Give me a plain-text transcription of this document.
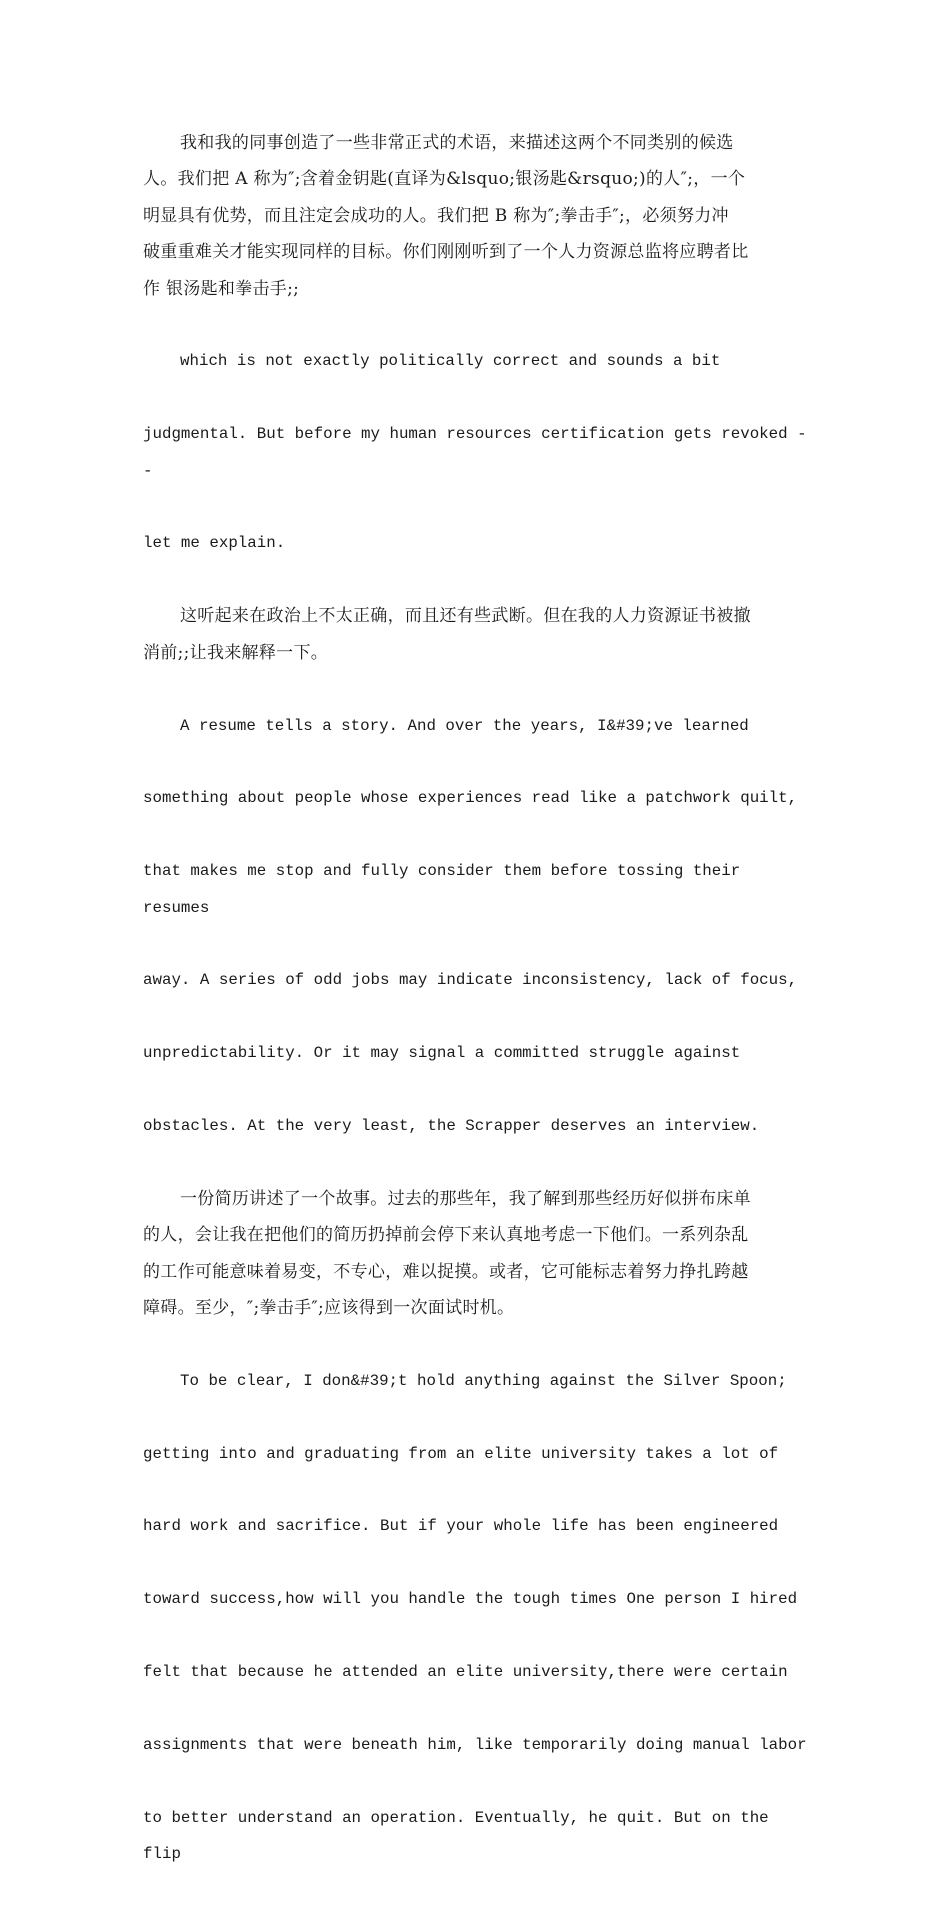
我和我的同事创造了一些非常正式的术语，来描述这两个不同类别的候选
人。我们把 A 称为″;含着金钥匙(直译为&lsquo;银汤匙&rsquo;)的人″;，一个
明显具有优势，而且注定会成功的人。我们把 B 称为″;拳击手″;，必须努力冲
破重重难关才能实现同样的目标。你们刚刚听到了一个人力资源总监将应聘者比
作 银汤匙和拳击手;;

which is not exactly politically correct and sounds a bit

judgmental. But before my human resources certification gets revoked --

let me explain.

这听起来在政治上不太正确，而且还有些武断。但在我的人力资源证书被撤
消前;;让我来解释一下。

A resume tells a story. And over the years, I&#39;ve learned

something about people whose experiences read like a patchwork quilt,

that makes me stop and fully consider them before tossing their resumes

away. A series of odd jobs may indicate inconsistency, lack of focus,

unpredictability. Or it may signal a committed struggle against

obstacles. At the very least, the Scrapper deserves an interview.

一份简历讲述了一个故事。过去的那些年，我了解到那些经历好似拼布床单
的人，会让我在把他们的简历扔掉前会停下来认真地考虑一下他们。一系列杂乱
的工作可能意味着易变，不专心，难以捉摸。或者，它可能标志着努力挣扎跨越
障碍。至少，″;拳击手″;应该得到一次面试时机。

To be clear, I don&#39;t hold anything against the Silver Spoon;

getting into and graduating from an elite university takes a lot of

hard work and sacrifice. But if your whole life has been engineered

toward success,how will you handle the tough times One person I hired

felt that because he attended an elite university,there were certain

assignments that were beneath him, like temporarily doing manual labor

to better understand an operation. Eventually, he quit. But on the flip
